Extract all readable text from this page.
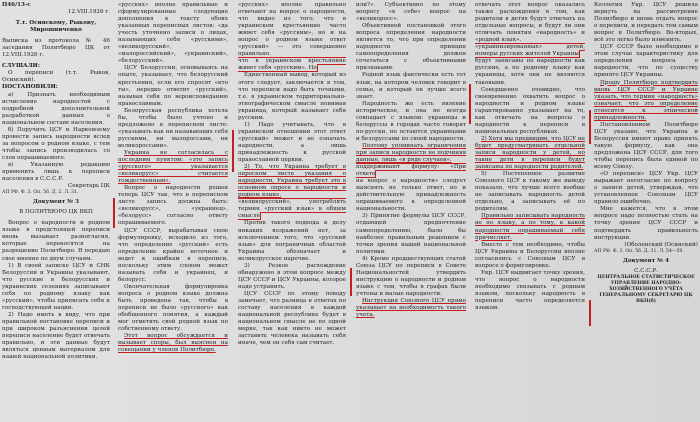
П46/13-с

12.VIII.1926 г.

Т.т. Осинскому, Рыкову, Мирошниченко

Выписка из протокола № 46 заседания Политбюро ЦК от 12.VIII.1926 г.

СЛУШАЛИ:

О переписи (т.т. Рыков, Осинский).

ПОСТАНОВИЛИ:

а) Признать необходимым исчисление народностей с подробной дополнительной разработкой данных о национальном составе населения.

б) Поручить ЦСУ и Наркомзему провести запись народности вслед за вопросом о родном языке, с тем чтобы запись производилась со слов опрашиваемого.

в) Указанную редакцию применить лишь к переписи населения в С.С.С.Р.

Секретарь ЦК

АП РФ. Ф. 3. Оп. 56. Д. 2. Л. 31.

Документ № 3

В ПОЛИТБЮРО ЦК ВКП

Вопрос о народности и родном языке в предстоящей переписи вновь вызывает разногласия, которые переносятся на разрешение Политбюро. Я передаю свое мнение по двум случаям.

1) В своей записке ЦСУ и СНК Белоруссии и Украины указывают, что русские в белорусских и украинских селениях записывают себя по родному языку как «русский», чтобы приписать себя к господствующей нации.

2) Надо иметь в виду, что при правильной постановке переписи и при широком разъяснении целей переписи население будет отвечать правильно, и эти данные будут являться ценным материалом для нашей национальной политики.

«русских» вполне правильные и сформулированные следующие дополнения к тексту обоих указанных переписных листов: «да учесть уточнено записи о лицах, называющих себя «русскими», «великорусский», «малороссийский», «украинский», «белорусский».

ЦСУ Белоруссии, основываясь на опыте, указывает, что белорусский крестьянин, если его спросят «кто ты», нередко ответит «русский», называя себя по вероисповеданию православным.

Белорусская республика хотела бы, чтобы было учтено и предложено в переписном листе: «указывать как ни называющих себя русскими, ни малороссами, ни великороссами».

Украина не согласилась с последним пунктом: «это запись «русского» указывается «великорусс» считается тождественным».

Вопрос о народности решен теперь ЦСУ так, что в переписном листе запись должна быть: «великорусс», «украинец», «белорусс» согласно ответу опрашиваемого.

ЦСУ СССР, вырабатывая свою формулировку, исходило из того, что определение «русский» есть определение крайне неточное и ведет к ошибкам в переписи, поскольку этим словом может называть себя и украинец, и белорусс.

Окончательная формулировка вопроса о родном языке должна быть проведена так, чтобы в переписи не было «русского» как обобщенного понятия, а каждый мог отметить свой родной язык по собственному ответу.

Этот вопрос обсуждается и вызывает споры, был выяснен на совещании у членов Политбюро.

«русских» вполне правильно отвечают на вопрос о народности, что видно из того, что в украинском крестьянине часто живет себя «русским», но и на вопрос о родном языке ответ «русский» — это совершенно правильно.

что в украинском крестьянине живет себя «русским». Но

Единственный вывод, который из этого следует, заключается в том, что переписи надо быть точными, т.е. в украинском территориально-этнографическом смысле понимая украинца, который называет себя русским.

1) Надо учитывать, что в украинском отношении этот ответ «русский» может и не означать народности, а лишь принадлежность к русской православной церкви.

2) То, что Украина требует в опросном листе указания о народности, Украина требует это в основном опросе о народности и родном языке.

«великорусский», употреблять термин «русский язык» в общем смысле

Против такого подхода к делу никаких возражений нет, за исключением того, что «русский язык» для пограничных областей Украины обозначает и великорусское наречие.

3) Резкое расхождение обнаружено в этом вопросе между ЦСУ СССР и ЦСУ Украины, которое надо устранить.

ЦСУ СССР по этому поводу замечает, что разница в ответах по составу населения в каждой национальной республике будет в национальном смысле не по одной мерке, так как никто не может заставить человека называть себя иначе, чем он себя сам считает.

или?». Субъективно по этому вопросу «в себе» вопрос на «великоросс».

Объективной постановкой этого вопроса определения народности является то, что при определении народности принцип самоопределения должен сочетаться с объективными признаками.

Родной язык фактически есть тот язык, на котором человек говорит в семье, и который он лучше всего знает.

Народность же есть явление историческое, и она не всегда совпадает с языком: украинцы и белоруссы в городах часто говорят по-русски, но остаются украинцами и белоруссами по своей народности.

Поэтому упоминать ограничения при записи народности не подчиняя данные, лишь «в ряде случаев».

поддерживают формулу: «При ответе

на вопрос о народности» следует выяснять не только ответ, но и действительную принадлежность опрашиваемого к определенной национальности.

3) Принятие формулы ЦСУ СССР, отдающей предпочтение самоопределению, было бы наиболее правильным решением с точки зрения нашей национальной политики.

4) Кроме предшествующих статей Союза ЦСУ по переписи в Совете Национальностей утвердить инструкцию о народности и родном языке с тем, чтобы в графах были учтены и малые народности.

Инструкция Союзного ЦСУ прямо указывает на необходимость такого учета.

отвечать этот вопрос оказались также расхождения в том, как родители в детях будут отвечать на отдельные вопросы, и будут ли они отличать понятия «народность» и «родной язык».

«украинизированных» детей, номеры русских жителей Украины

будут записаны по народности как русские, а по родному языку как украинцы, хотя они не являются таковыми.

Совершенно очевидно, что своевременно охватить вопрос о народности и родном языке гарантированно указывает на то, как отвечать на вопросы о народности в переписи в национальных республиках.

2) Хотя мы предвидим, что ЦСУ не будет предусматривать отдельной записи народности у детей, но такие дети в переписи будут записаны по народности родителей.

5) Постепенное развитие Союзного ЦСУ к такому же выводу показало, что лучше всего вообще не записывать народность детей отдельно, а записывать её по родителям.

Правильно записывать народность не по языку, а по тому, к какой народности опрашиваемый себя причисляет.

Вместе с тем необходимо, чтобы ЦСУ Украины и Белоруссии вполне согласились с Союзным ЦСУ в вопросе о формулировке.

Укр. ЦСУ выдвигает точку зрения, что вопрос о народности необходимо связывать с родным языком, поскольку народность в переписи часто определяется языком.

Коллегия Укр. ЦСУ решила вернуть на рассмотрение Политбюро и вновь отдать вопрос о переписи, и передать тем самым вопрос в Политбюро. Во-вторых, всё это легко было изменить.

ЦСУ СССР было необходимо в этом случае характеристику для определения вопроса о народности, что по существу принято ЦСУ Украины.

Прошу Политбюро подтвердить вновь ЦСУ СССР и Украине указать, что термин «народность» означает, что это определение относится к этнической принадлежности.

Постановлением Политбюро ЦСУ указано, что Украина и Белоруссия имеют право принять такую формулу, как она предложена ЦСУ СССР, для того чтобы перепись была единой по всему Союзу.

«О переписи» ЦСУ Укр. ЦСУ выражает несогласие по вопросу о записи детей, утверждая, что установленное Союзным ЦСУ правило ошибочно.

Мне кажется, что в этом вопросе надо полностью стать на точку зрения ЦСУ СССР и подтвердить правильность инструкции.

(Оболенский (Осинский)

АП РФ. Ф. 3. Оп. 56. Д. 31. Л. 54—59.

Документ № 4

С.С.С.Р.

ЦЕНТРАЛЬНОЕ СТАТИСТИЧЕСКОЕ УПРАВЛЕНИЕ НАРОДНО-ХОЗЯЙСТВЕННОГО УЧЁТА

ГЕНЕРАЛЬНОМУ СЕКРЕТАРЮ ЦК ВКП(б)
